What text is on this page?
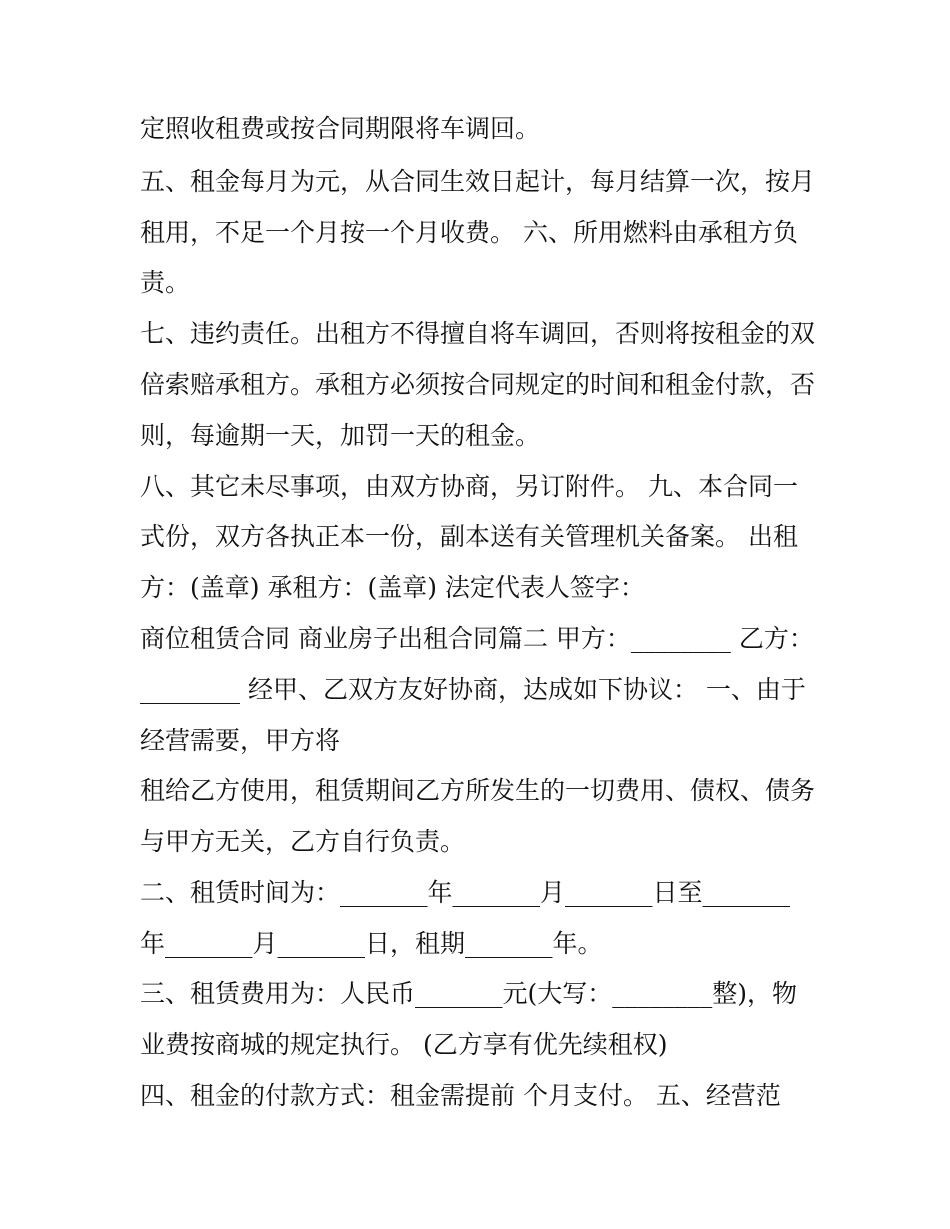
定照收租费或按合同期限将车调回。

五、租金每月为元，从合同生效日起计，每月结算一次，按月

租用，不足一个月按一个月收费。 六、所用燃料由承租方负

责。

七、违约责任。出租方不得擅自将车调回，否则将按租金的双

倍索赔承租方。承租方必须按合同规定的时间和租金付款，否

则，每逾期一天，加罚一天的租金。

八、其它未尽事项，由双方协商，另订附件。 九、本合同一

式份，双方各执正本一份，副本送有关管理机关备案。 出租

方：(盖章) 承租方：(盖章) 法定代表人签字：

商位租赁合同 商业房子出租合同篇二 甲方：________ 乙方：

________ 经甲、乙双方友好协商，达成如下协议： 一、由于

经营需要，甲方将

租给乙方使用，租赁期间乙方所发生的一切费用、债权、债务

与甲方无关，乙方自行负责。

二、租赁时间为：_______年_______月_______日至_______

年_______月_______日，租期_______年。

三、租赁费用为：人民币_______元(大写：________整)，物

业费按商城的规定执行。 (乙方享有优先续租权)

四、租金的付款方式：租金需提前 个月支付。 五、经营范
